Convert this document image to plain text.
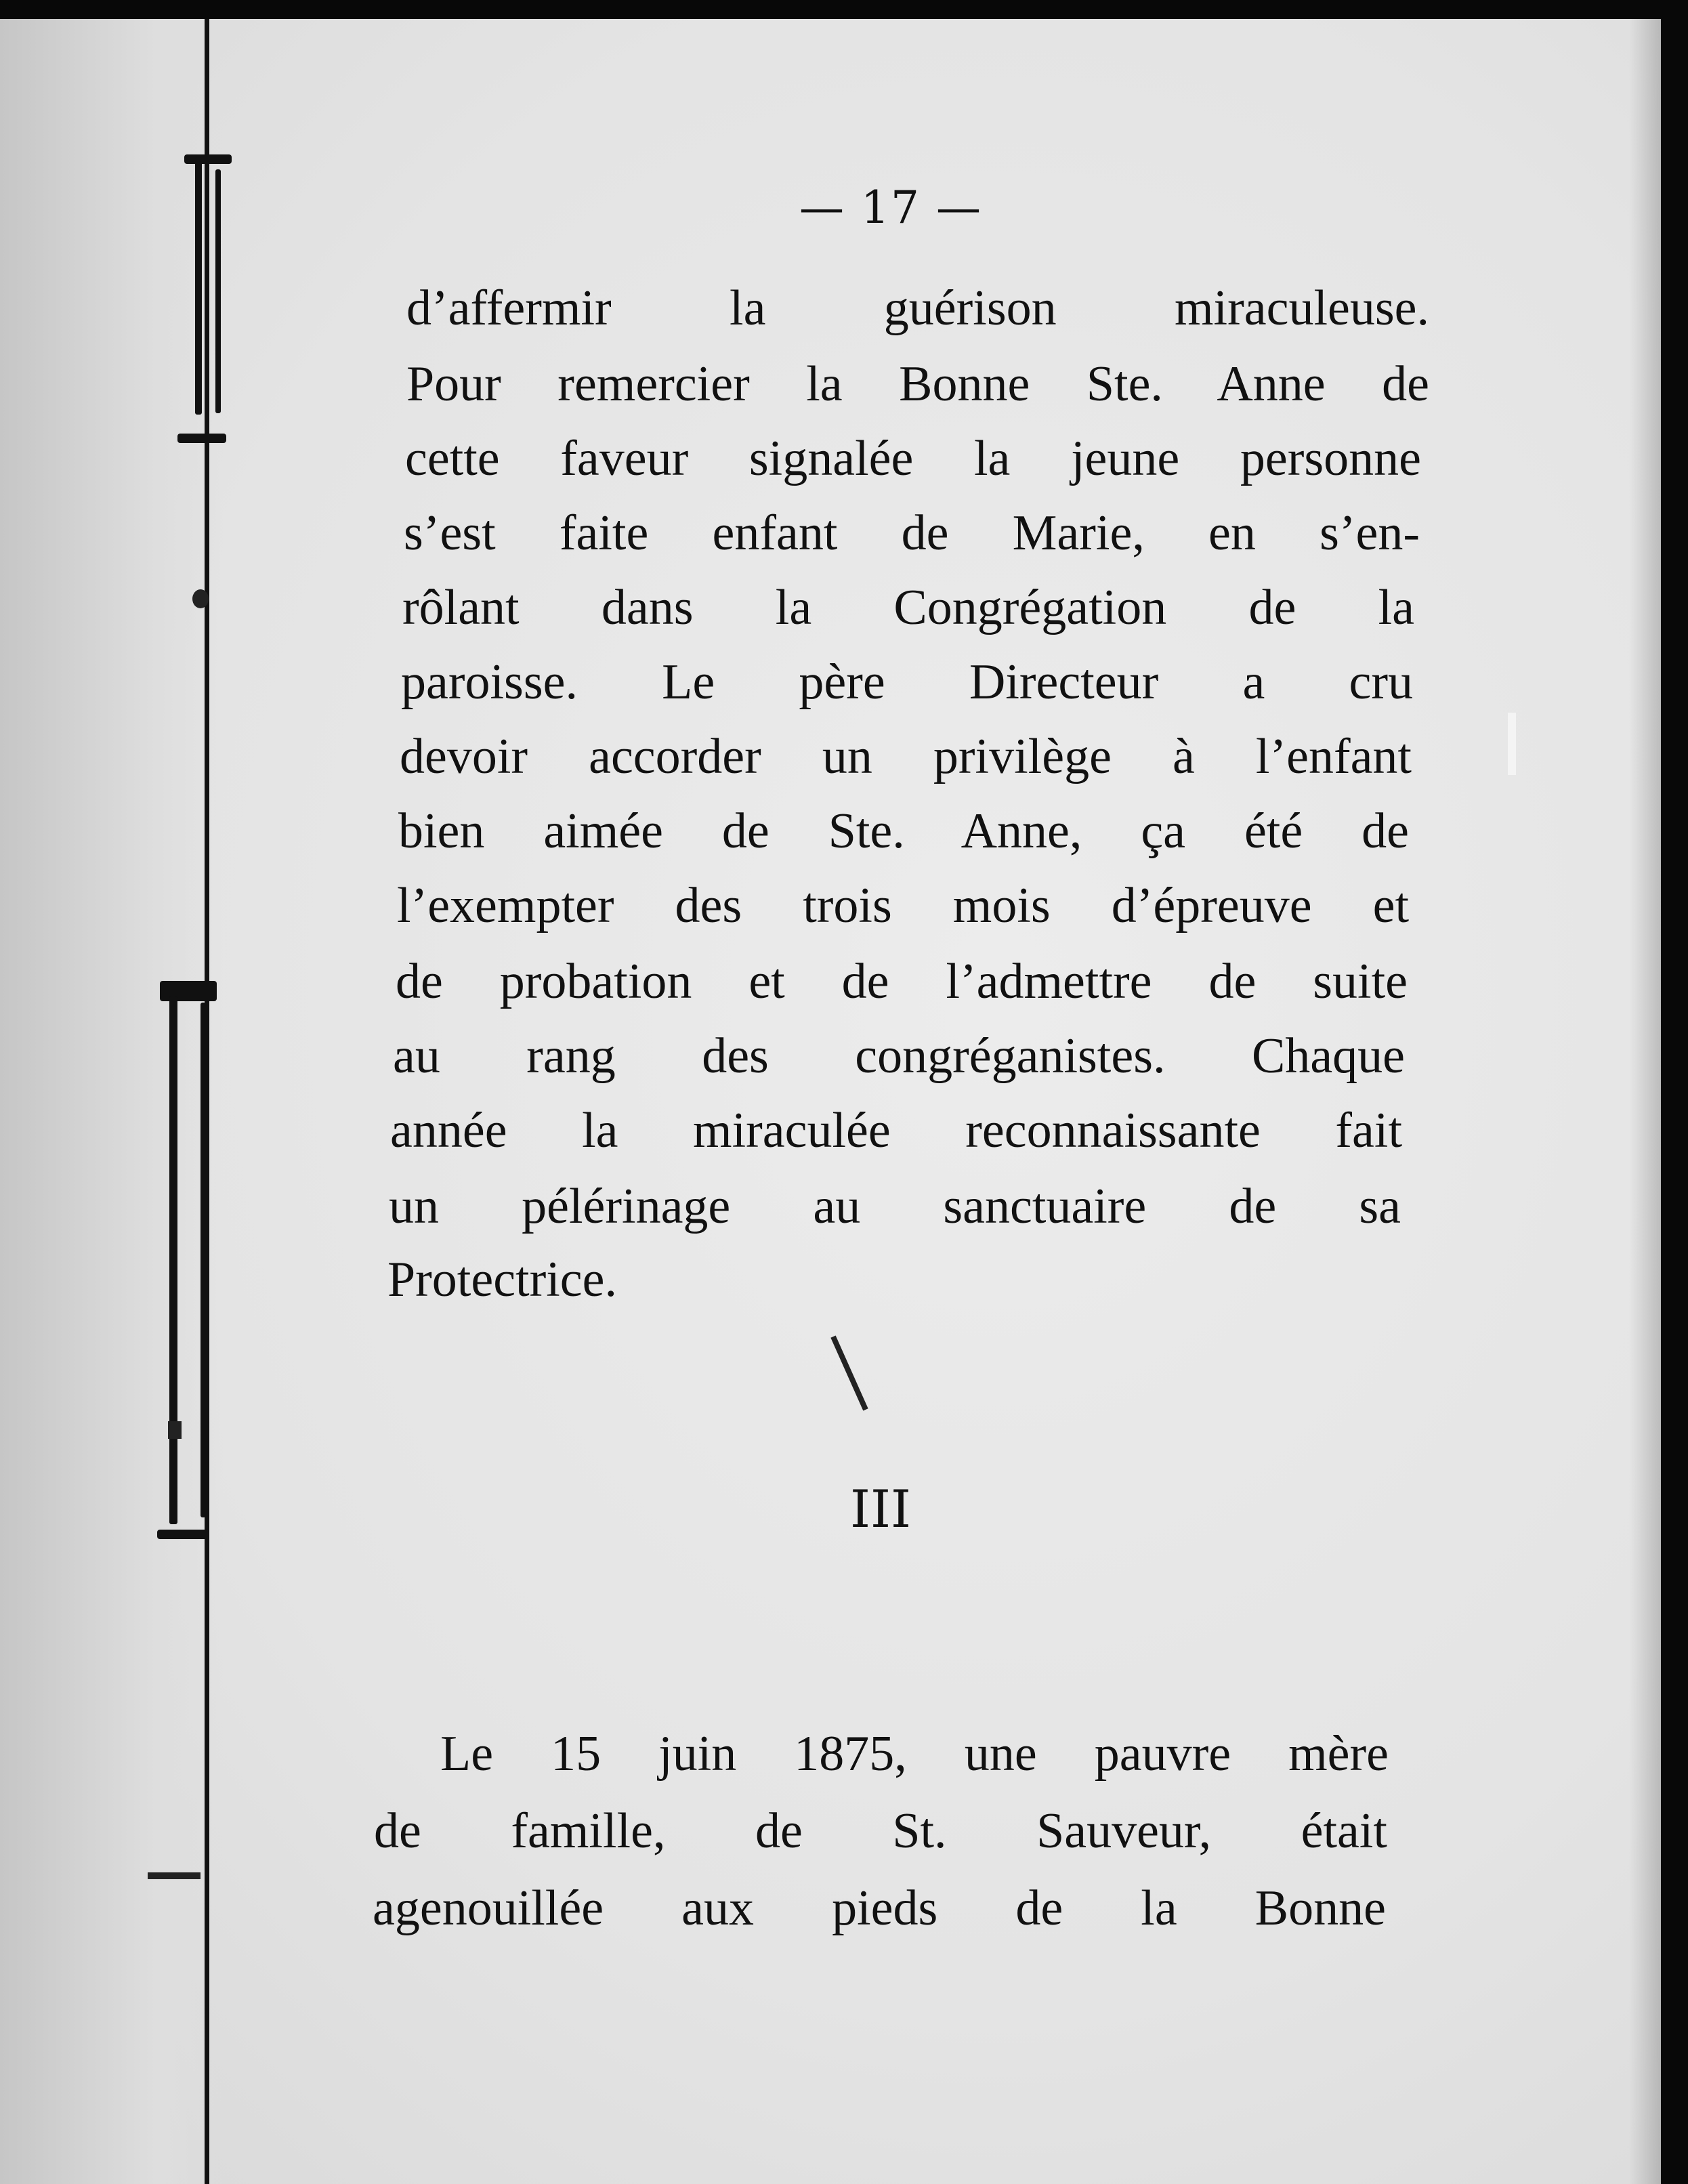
— 17 —
d’affermir la guérison miraculeuse.
Pour remercier la Bonne Ste. Anne de
cette faveur signalée la jeune personne
s’est faite enfant de Marie, en s’en-
rôlant dans la Congrégation de la
paroisse. Le père Directeur a cru
devoir accorder un privilège à l’enfant
bien aimée de Ste. Anne, ça été de
l’exempter des trois mois d’épreuve et
de probation et de l’admettre de suite
au rang des congréganistes. Chaque
année la miraculée reconnaissante fait
un pélérinage au sanctuaire de sa
Protectrice.
III
Le 15 juin 1875, une pauvre mère
de famille, de St. Sauveur, était
agenouillée aux pieds de la Bonne
